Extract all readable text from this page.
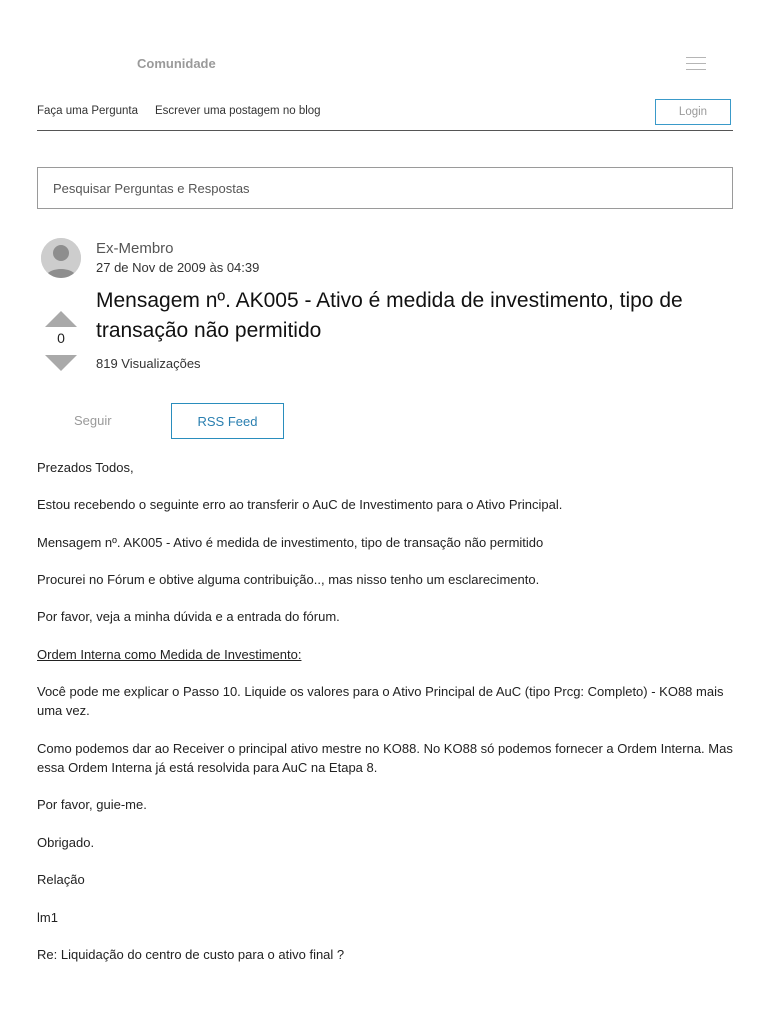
Comunidade
Faça uma Pergunta Escrever uma postagem no blog	Login
Pesquisar Perguntas e Respostas
Ex-Membro
27 de Nov de 2009 às 04:39
Mensagem nº. AK005 - Ativo é medida de investimento, tipo de transação não permitido
0
819 Visualizações
Seguir	RSS Feed
Prezados Todos,
Estou recebendo o seguinte erro ao transferir o AuC de Investimento para o Ativo Principal.
Mensagem nº. AK005 - Ativo é medida de investimento, tipo de transação não permitido
Procurei no Fórum e obtive alguma contribuição.., mas nisso tenho um esclarecimento.
Por favor, veja a minha dúvida e a entrada do fórum.
Ordem Interna como Medida de Investimento:
Você pode me explicar o Passo 10. Liquide os valores para o Ativo Principal de AuC (tipo Prcg: Completo) - KO88 mais uma vez.
Como podemos dar ao Receiver o principal ativo mestre no KO88. No KO88 só podemos fornecer a Ordem Interna. Mas essa Ordem Interna já está resolvida para AuC na Etapa 8.
Por favor, guie-me.
Obrigado.
Relação
lm1
Re: Liquidação do centro de custo para o ativo final ?
